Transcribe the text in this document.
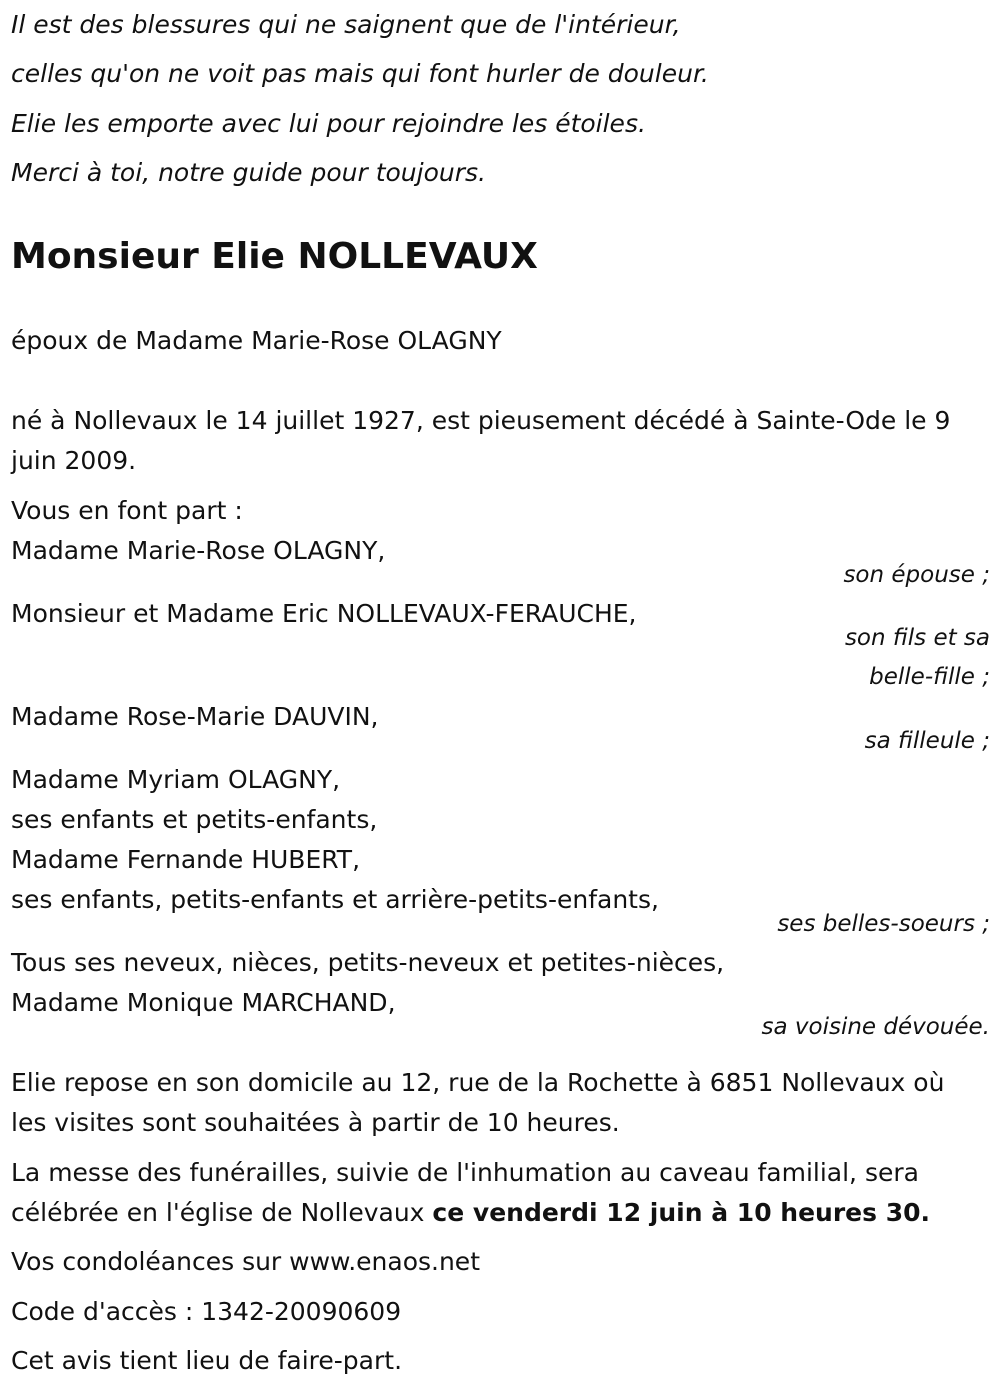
Il est des blessures qui ne saignent que de l'intérieur,

celles qu'on ne voit pas mais qui font hurler de douleur.

Elie les emporte avec lui pour rejoindre les étoiles.

Merci à toi, notre guide pour toujours.

Monsieur Elie NOLLEVAUX

époux de Madame Marie-Rose OLAGNY

né à Nollevaux le 14 juillet 1927, est pieusement décédé à Sainte-Ode le 9

juin 2009.

Vous en font part :

Madame Marie-Rose OLAGNY,

son épouse ;

Monsieur et Madame Eric NOLLEVAUX-FERAUCHE,

son fils et sa
belle-fille ;

Madame Rose-Marie DAUVIN,

sa filleule ;

Madame Myriam OLAGNY,

ses enfants et petits-enfants,

Madame Fernande HUBERT,

ses enfants, petits-enfants et arrière-petits-enfants,

ses belles-soeurs ;

Tous ses neveux, nièces, petits-neveux et petites-nièces,

Madame Monique MARCHAND,

sa voisine dévouée.

Elie repose en son domicile au 12, rue de la Rochette à 6851 Nollevaux où

les visites sont souhaitées à partir de 10 heures.

La messe des funérailles, suivie de l'inhumation au caveau familial, sera

célébrée en l'église de Nollevaux ce venderdi 12 juin à 10 heures 30.

Vos condoléances sur www.enaos.net

Code d'accès : 1342-20090609

Cet avis tient lieu de faire-part.
